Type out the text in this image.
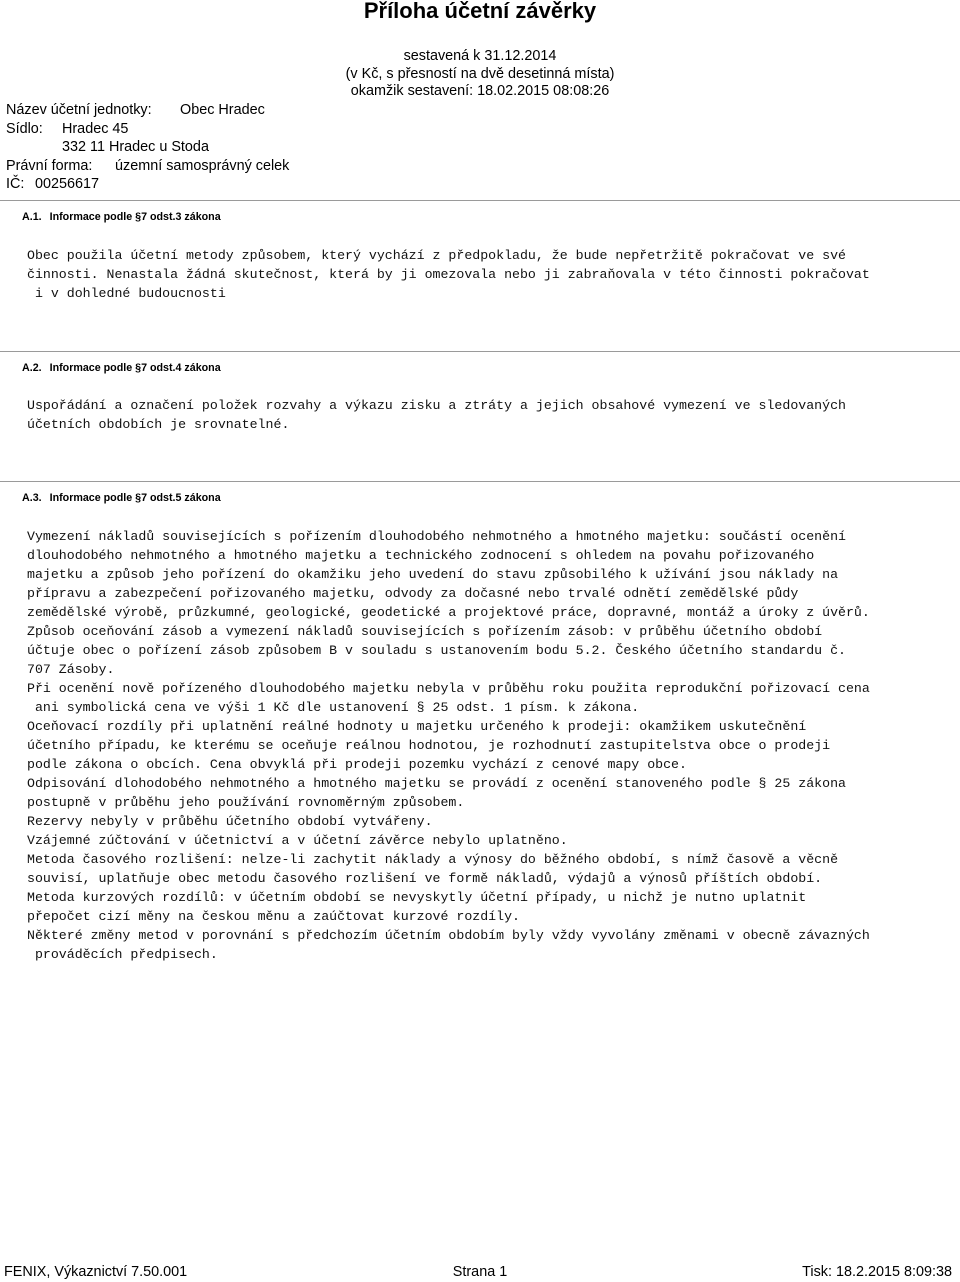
Příloha účetní závěrky
sestavená k 31.12.2014
(v Kč, s přesností na dvě desetinná místa)
okamžik sestavení: 18.02.2015 08:08:26
Název účetní jednotky: Obec Hradec
Sídlo: Hradec 45
332 11 Hradec u Stoda
Právní forma: územní samosprávný celek
IČ: 00256617
A.1. Informace podle §7 odst.3 zákona
Obec použila účetní metody způsobem, který vychází z předpokladu, že bude nepřetržitě pokračovat ve své
činnosti. Nenastala žádná skutečnost, která by ji omezovala nebo ji zabraňovala v této činnosti pokračovat
i v dohledné budoucnosti
A.2. Informace podle §7 odst.4 zákona
Uspořádání a označení položek rozvahy a výkazu zisku a ztráty a jejich obsahové vymezení ve sledovaných
účetních obdobích je srovnatelné.
A.3. Informace podle §7 odst.5 zákona
Vymezení nákladů souvisejících s pořízením dlouhodobého nehmotného a hmotného majetku: součástí ocenění
dlouhodobého nehmotného a hmotného majetku a technického zodnocení s ohledem na povahu pořizovaného
majetku a způsob jeho pořízení do okamžiku jeho uvedení do stavu způsobilého k užívání jsou náklady na
přípravu a zabezpečení pořizovaného majetku, odvody za dočasné nebo trvalé odnětí zemědělské půdy
zemědělské výrobě, průzkumné, geologické, geodetické a projektové práce, dopravné, montáž a úroky z úvěrů.
Způsob oceňování zásob a vymezení nákladů souvisejících s pořízením zásob: v průběhu účetního období
účtuje obec o pořízení zásob způsobem B v souladu s ustanovením bodu 5.2. Českého účetního standardu č.
707 Zásoby.
Při ocenění nově pořízeného dlouhodobého majetku nebyla v průběhu roku použita reprodukční pořizovací cena
ani symbolická cena ve výši 1 Kč dle ustanovení § 25 odst. 1 písm. k zákona.
Oceňovací rozdíly při uplatnění reálné hodnoty u majetku určeného k prodeji: okamžikem uskutečnění
účetního případu, ke kterému se oceňuje reálnou hodnotou, je rozhodnutí zastupitelstva obce o prodeji
podle zákona o obcích. Cena obvyklá při prodeji pozemku vychází z cenové mapy obce.
Odpisování dlohodobého nehmotného a hmotného majetku se provádí z ocenění stanoveného podle § 25 zákona
postupně v průběhu jeho používání rovnoměrným způsobem.
Rezervy nebyly v průběhu účetního období vytvářeny.
Vzájemné zúčtování v účetnictví a v účetní závěrce nebylo uplatněno.
Metoda časového rozlišení: nelze-li zachytit náklady a výnosy do běžného období, s nímž časově a věcně
souvisí, uplatňuje obec metodu časového rozlišení ve formě nákladů, výdajů a výnosů příštích období.
Metoda kurzových rozdílů: v účetním období se nevyskytly účetní případy, u nichž je nutno uplatnit
přepočet cizí měny na českou měnu a zaúčtovat kurzové rozdíly.
Některé změny metod v porovnání s předchozím účetním obdobím byly vždy vyvolány změnami v obecně závazných
prováděcích předpisech.
FENIX, Výkaznictví 7.50.001	Strana 1	Tisk: 18.2.2015 8:09:38
